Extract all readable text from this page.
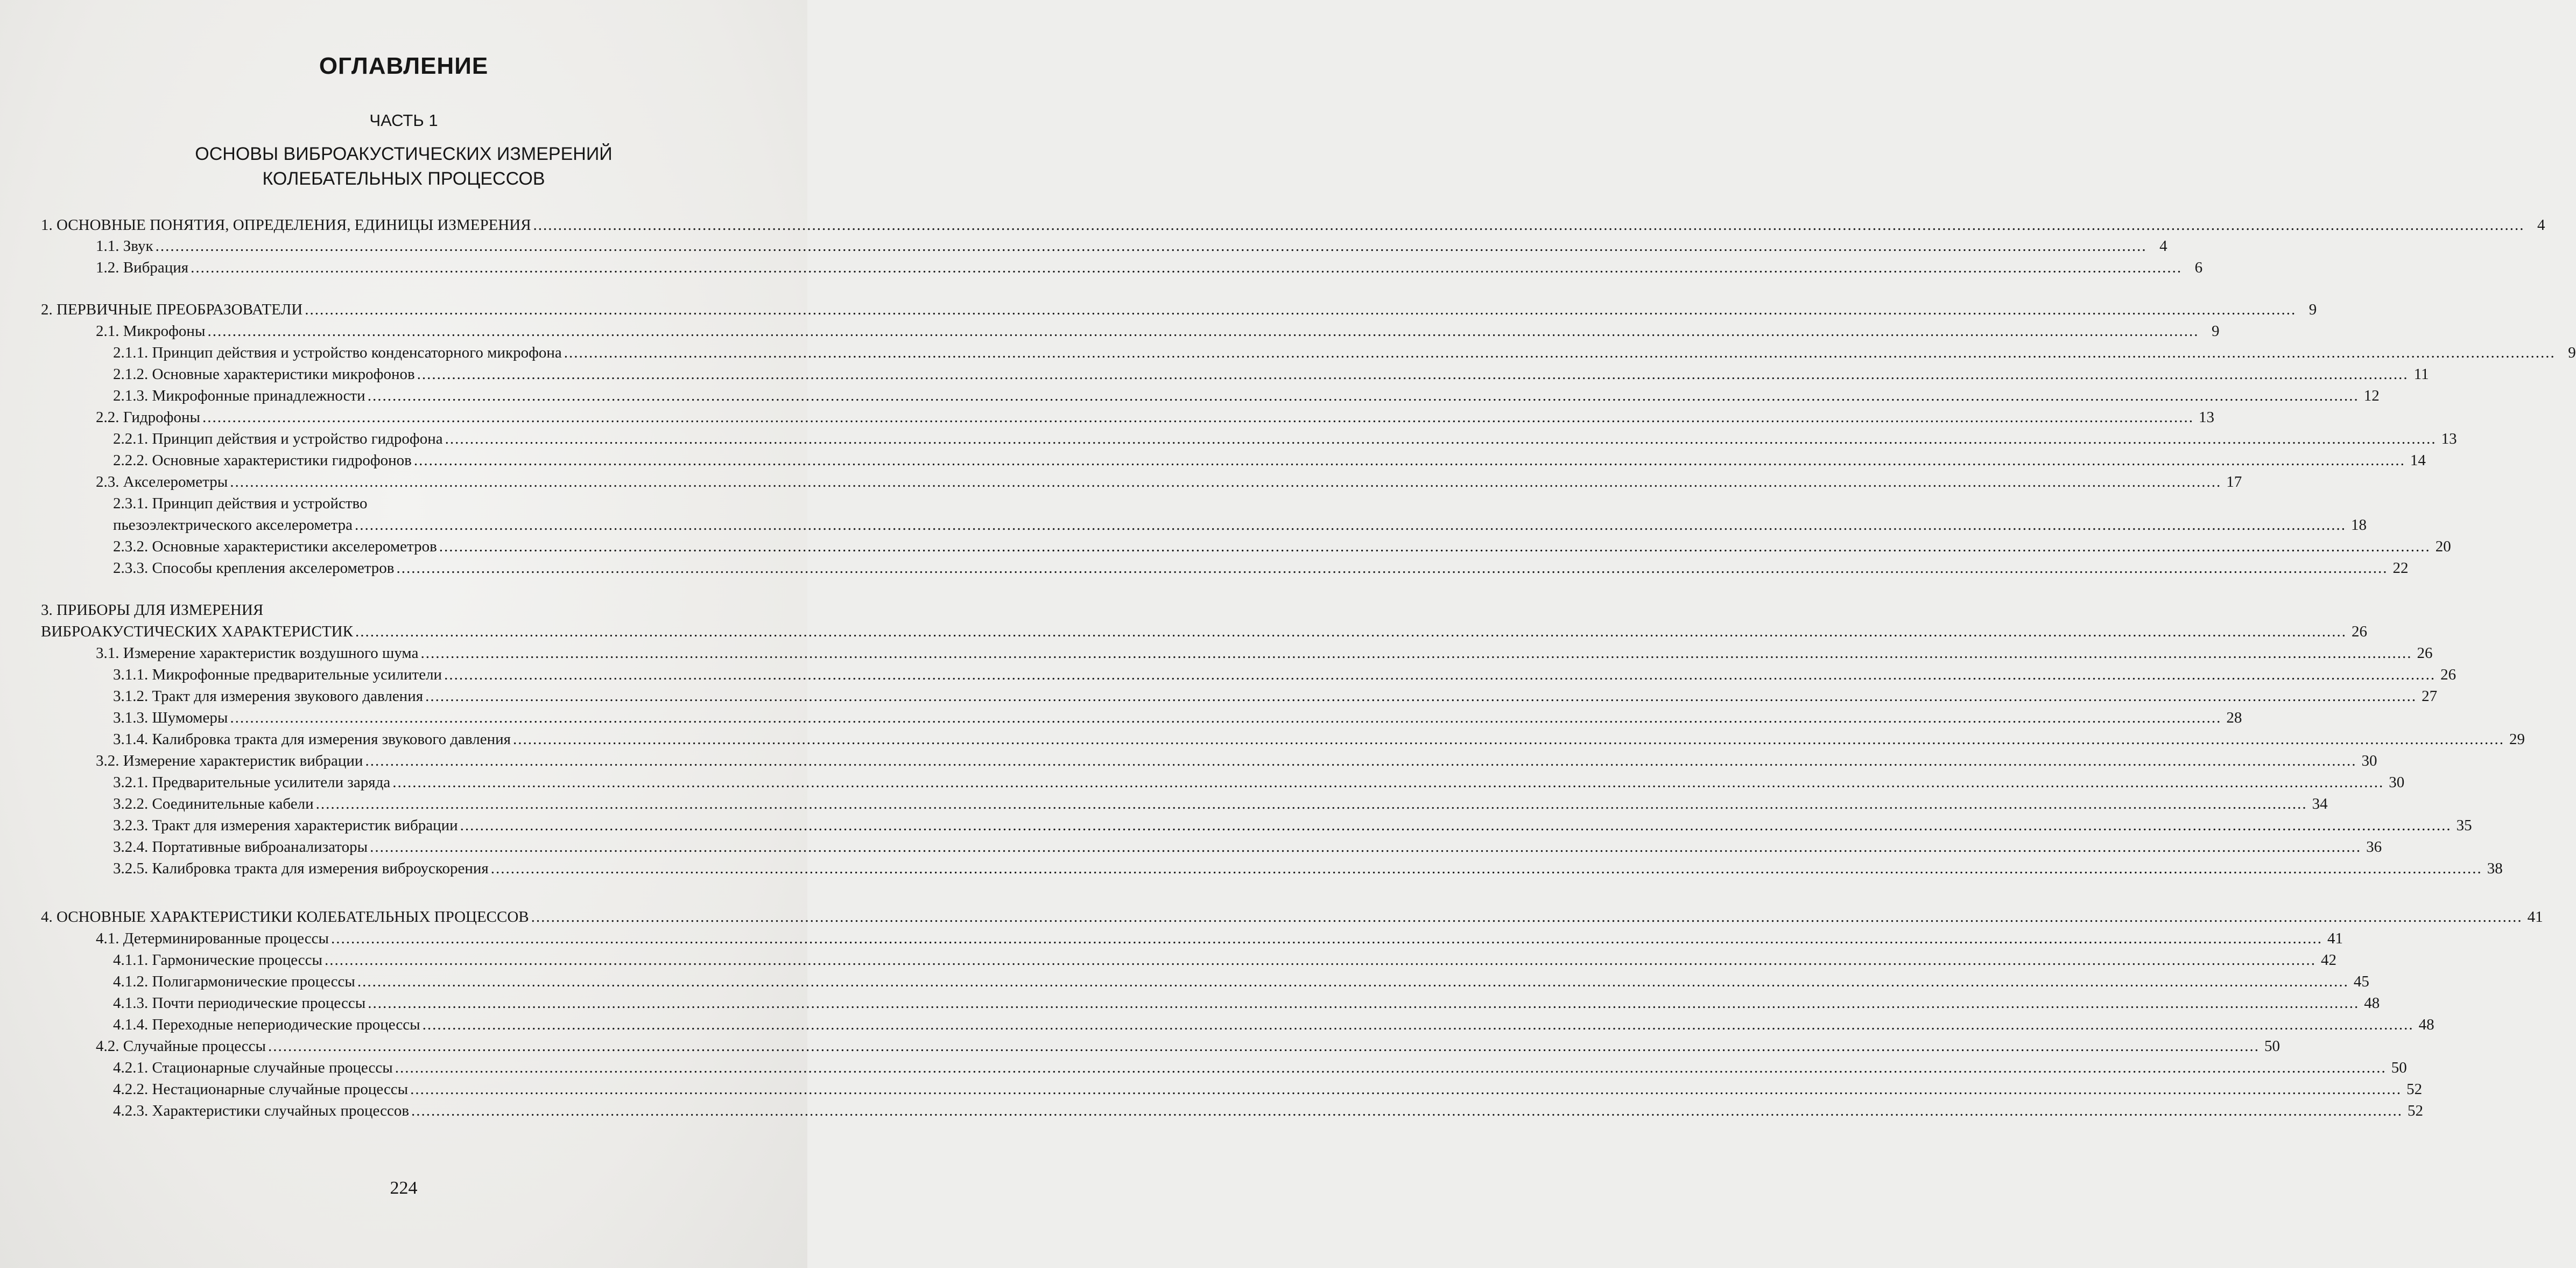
ОГЛАВЛЕНИЕ
ЧАСТЬ 1
ОСНОВЫ ВИБРОАКУСТИЧЕСКИХ ИЗМЕРЕНИЙ
КОЛЕБАТЕЛЬНЫХ ПРОЦЕССОВ
1. ОСНОВНЫЕ ПОНЯТИЯ, ОПРЕДЕЛЕНИЯ, ЕДИНИЦЫ ИЗМЕРЕНИЯ ................................................................................................................................................................................................................................................................................................................................................................................................................ 4
1.1. Звук ................................................................................................................................................................................................................................................................................................................................................................................................................ 4
1.2. Вибрация ................................................................................................................................................................................................................................................................................................................................................................................................................ 6
2. ПЕРВИЧНЫЕ ПРЕОБРАЗОВАТЕЛИ ................................................................................................................................................................................................................................................................................................................................................................................................................ 9
2.1. Микрофоны ................................................................................................................................................................................................................................................................................................................................................................................................................ 9
2.1.1. Принцип действия и устройство конденсаторного микрофона ................................................................................................................................................................................................................................................................................................................................................................................................................ 9
2.1.2. Основные характеристики микрофонов ................................................................................................................................................................................................................................................................................................................................................................................................................ 11
2.1.3. Микрофонные принадлежности ................................................................................................................................................................................................................................................................................................................................................................................................................ 12
2.2. Гидрофоны ................................................................................................................................................................................................................................................................................................................................................................................................................ 13
2.2.1. Принцип действия и устройство гидрофона ................................................................................................................................................................................................................................................................................................................................................................................................................ 13
2.2.2. Основные характеристики гидрофонов ................................................................................................................................................................................................................................................................................................................................................................................................................ 14
2.3. Акселерометры ................................................................................................................................................................................................................................................................................................................................................................................................................ 17
2.3.1. Принцип действия и устройство
пьезоэлектрического акселерометра ................................................................................................................................................................................................................................................................................................................................................................................................................ 18
2.3.2. Основные характеристики акселерометров ................................................................................................................................................................................................................................................................................................................................................................................................................ 20
2.3.3. Способы крепления акселерометров ................................................................................................................................................................................................................................................................................................................................................................................................................ 22
3. ПРИБОРЫ ДЛЯ ИЗМЕРЕНИЯ
ВИБРОАКУСТИЧЕСКИХ ХАРАКТЕРИСТИК ................................................................................................................................................................................................................................................................................................................................................................................................................ 26
3.1. Измерение характеристик воздушного шума ................................................................................................................................................................................................................................................................................................................................................................................................................ 26
3.1.1. Микрофонные предварительные усилители ................................................................................................................................................................................................................................................................................................................................................................................................................ 26
3.1.2. Тракт для измерения звукового давления ................................................................................................................................................................................................................................................................................................................................................................................................................ 27
3.1.3. Шумомеры ................................................................................................................................................................................................................................................................................................................................................................................................................ 28
3.1.4. Калибровка тракта для измерения звукового давления ................................................................................................................................................................................................................................................................................................................................................................................................................ 29
3.2. Измерение характеристик вибрации ................................................................................................................................................................................................................................................................................................................................................................................................................ 30
3.2.1. Предварительные усилители заряда ................................................................................................................................................................................................................................................................................................................................................................................................................ 30
3.2.2. Соединительные кабели ................................................................................................................................................................................................................................................................................................................................................................................................................ 34
3.2.3. Тракт для измерения характеристик вибрации ................................................................................................................................................................................................................................................................................................................................................................................................................ 35
3.2.4. Портативные виброанализаторы ................................................................................................................................................................................................................................................................................................................................................................................................................ 36
3.2.5. Калибровка тракта для измерения виброускорения ................................................................................................................................................................................................................................................................................................................................................................................................................ 38
4. ОСНОВНЫЕ ХАРАКТЕРИСТИКИ КОЛЕБАТЕЛЬНЫХ ПРОЦЕССОВ ................................................................................................................................................................................................................................................................................................................................................................................................................ 41
4.1. Детерминированные процессы ................................................................................................................................................................................................................................................................................................................................................................................................................ 41
4.1.1. Гармонические процессы ................................................................................................................................................................................................................................................................................................................................................................................................................ 42
4.1.2. Полигармонические процессы ................................................................................................................................................................................................................................................................................................................................................................................................................ 45
4.1.3. Почти периодические процессы ................................................................................................................................................................................................................................................................................................................................................................................................................ 48
4.1.4. Переходные непериодические процессы ................................................................................................................................................................................................................................................................................................................................................................................................................ 48
4.2. Случайные процессы ................................................................................................................................................................................................................................................................................................................................................................................................................ 50
4.2.1. Стационарные случайные процессы ................................................................................................................................................................................................................................................................................................................................................................................................................ 50
4.2.2. Нестационарные случайные процессы ................................................................................................................................................................................................................................................................................................................................................................................................................ 52
4.2.3. Характеристики случайных процессов ................................................................................................................................................................................................................................................................................................................................................................................................................ 52
224
